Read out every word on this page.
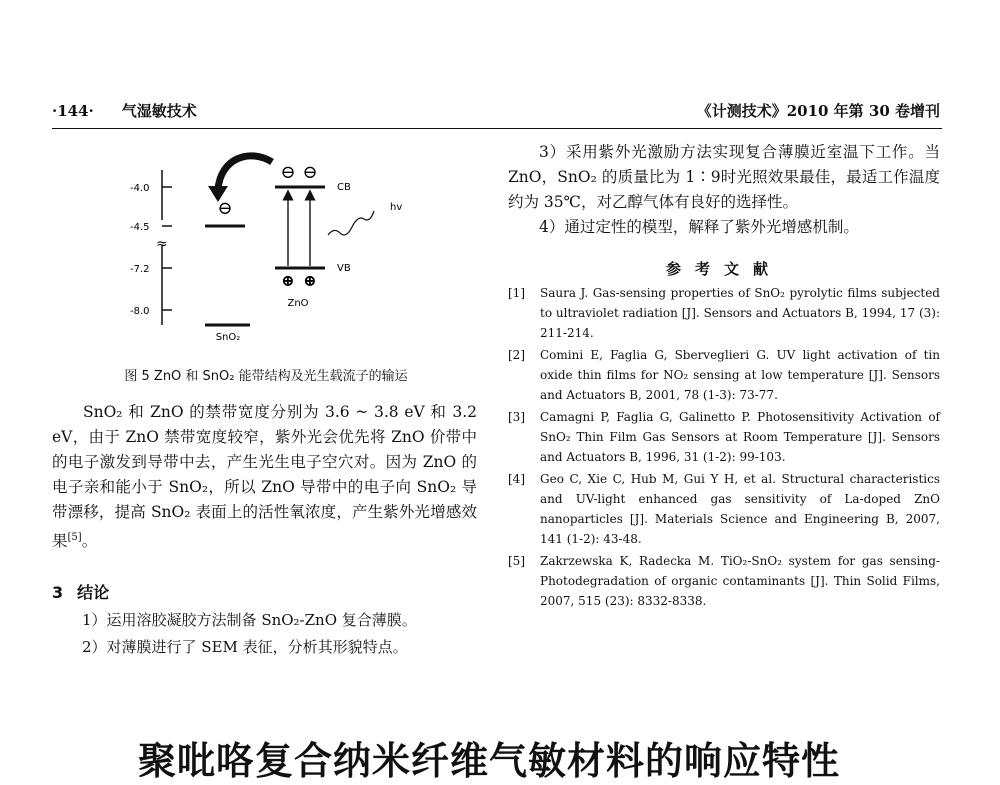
·144· 气湿敏技术	《计测技术》2010 年第 30 卷增刊
-4.0
-4.5
-7.2
-8.0
≈
⊖
SnO₂
⊖ ⊖
⊕ ⊕
ZnO
CB
VB
hv
图 5 ZnO 和 SnO₂ 能带结构及光生载流子的输运

SnO₂ 和 ZnO 的禁带宽度分别为 3.6 ~ 3.8 eV 和 3.2 eV，由于 ZnO 禁带宽度较窄，紫外光会优先将 ZnO 价带中的电子激发到导带中去，产生光生电子空穴对。因为 ZnO 的电子亲和能小于 SnO₂，所以 ZnO 导带中的电子向 SnO₂ 导带漂移，提高 SnO₂ 表面上的活性氧浓度，产生紫外光增感效果[5]。

3 结论
1）运用溶胶凝胶方法制备 SnO₂-ZnO 复合薄膜。
2）对薄膜进行了 SEM 表征，分析其形貌特点。

3）采用紫外光激励方法实现复合薄膜近室温下工作。当 ZnO，SnO₂ 的质量比为 1∶9时光照效果最佳，最适工作温度约为 35℃，对乙醇气体有良好的选择性。

4）通过定性的模型，解释了紫外光增感机制。

参考文献
[1] Saura J. Gas-sensing properties of SnO₂ pyrolytic films subjected to ultraviolet radiation [J]. Sensors and Actuators B, 1994, 17 (3): 211-214.
[2] Comini E, Faglia G, Sberveglieri G. UV light activation of tin oxide thin films for NO₂ sensing at low temperature [J]. Sensors and Actuators B, 2001, 78 (1-3): 73-77.
[3] Camagni P, Faglia G, Galinetto P. Photosensitivity Activation of SnO₂ Thin Film Gas Sensors at Room Temperature [J]. Sensors and Actuators B, 1996, 31 (1-2): 99-103.
[4] Geo C, Xie C, Hub M, Gui Y H, et al. Structural characteristics and UV-light enhanced gas sensitivity of La-doped ZnO nanoparticles [J]. Materials Science and Engineering B, 2007, 141 (1-2): 43-48.
[5] Zakrzewska K, Radecka M. TiO₂-SnO₂ system for gas sensing-Photodegradation of organic contaminants [J]. Thin Solid Films, 2007, 515 (23): 8332-8338.
聚吡咯复合纳米纤维气敏材料的响应特性
